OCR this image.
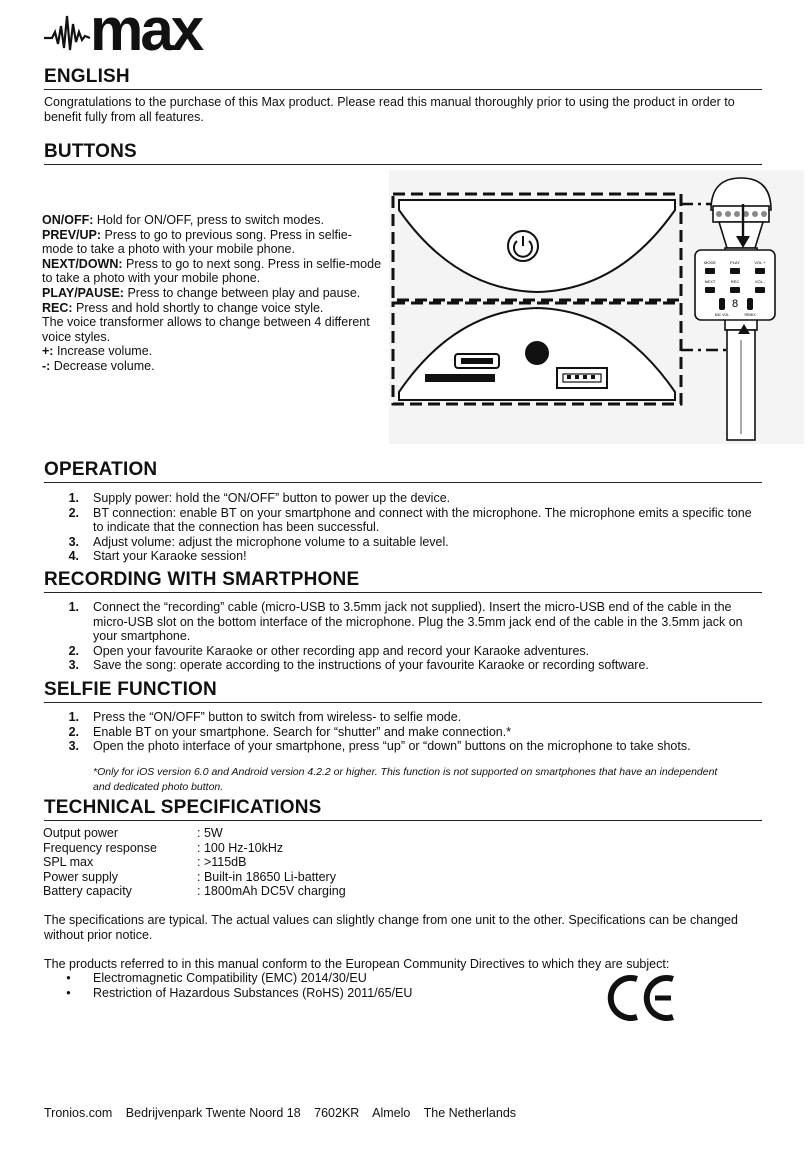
max
ENGLISH

Congratulations to the purchase of this Max product. Please read this manual thoroughly prior to using the product in order to benefit fully from all features.

BUTTONS

ON/OFF: Hold for ON/OFF, press to switch modes.

PREV/UP: Press to go to previous song. Press in selfie-mode to take a photo with your mobile phone.

NEXT/DOWN: Press to go to next song. Press in selfie-mode to take a photo with your mobile phone.

PLAY/PAUSE: Press to change between play and pause.

REC: Press and hold shortly to change voice style.

The voice transformer allows to change between 4 different voice styles.

+: Increase volume.

-: Decrease volume.

MODE	PLAY	VOL +
NEXT	REC	VOL -
8
MIC VOL	REMIX
OPERATION
1.	Supply power: hold the “ON/OFF” button to power up the device.
2.	BT connection: enable BT on your smartphone and connect with the microphone. The microphone emits a specific tone to indicate that the connection has been successful.
3.	Adjust volume: adjust the microphone volume to a suitable level.
4.	Start your Karaoke session!
RECORDING WITH SMARTPHONE
1.	Connect the “recording” cable (micro-USB to 3.5mm jack not supplied). Insert the micro-USB end of the cable in the micro-USB slot on the bottom interface of the microphone. Plug the 3.5mm jack end of the cable in the 3.5mm jack on your smartphone.
2.	Open your favourite Karaoke or other recording app and record your Karaoke adventures.
3.	Save the song: operate according to the instructions of your favourite Karaoke or recording software.
SELFIE FUNCTION
1.	Press the “ON/OFF” button to switch from wireless- to selfie mode.
2.	Enable BT on your smartphone. Search for “shutter” and make connection.*
3.	Open the photo interface of your smartphone, press “up” or “down” buttons on the microphone to take shots.

*Only for iOS version 6.0 and Android version 4.2.2 or higher. This function is not supported on smartphones that have an independent and dedicated photo button.

TECHNICAL SPECIFICATIONS
Output power	: 5W
Frequency response	: 100 Hz-10kHz
SPL max	: >115dB
Power supply	: Built-in 18650 Li-battery
Battery capacity	: 1800mAh DC5V charging

The specifications are typical. The actual values can slightly change from one unit to the other. Specifications can be changed without prior notice.

The products referred to in this manual conform to the European Community Directives to which they are subject:

•	Electromagnetic Compatibility (EMC) 2014/30/EU
•	Restriction of Hazardous Substances (RoHS) 2011/65/EU
Tronios.com Bedrijvenpark Twente Noord 18 7602KR Almelo The Netherlands
